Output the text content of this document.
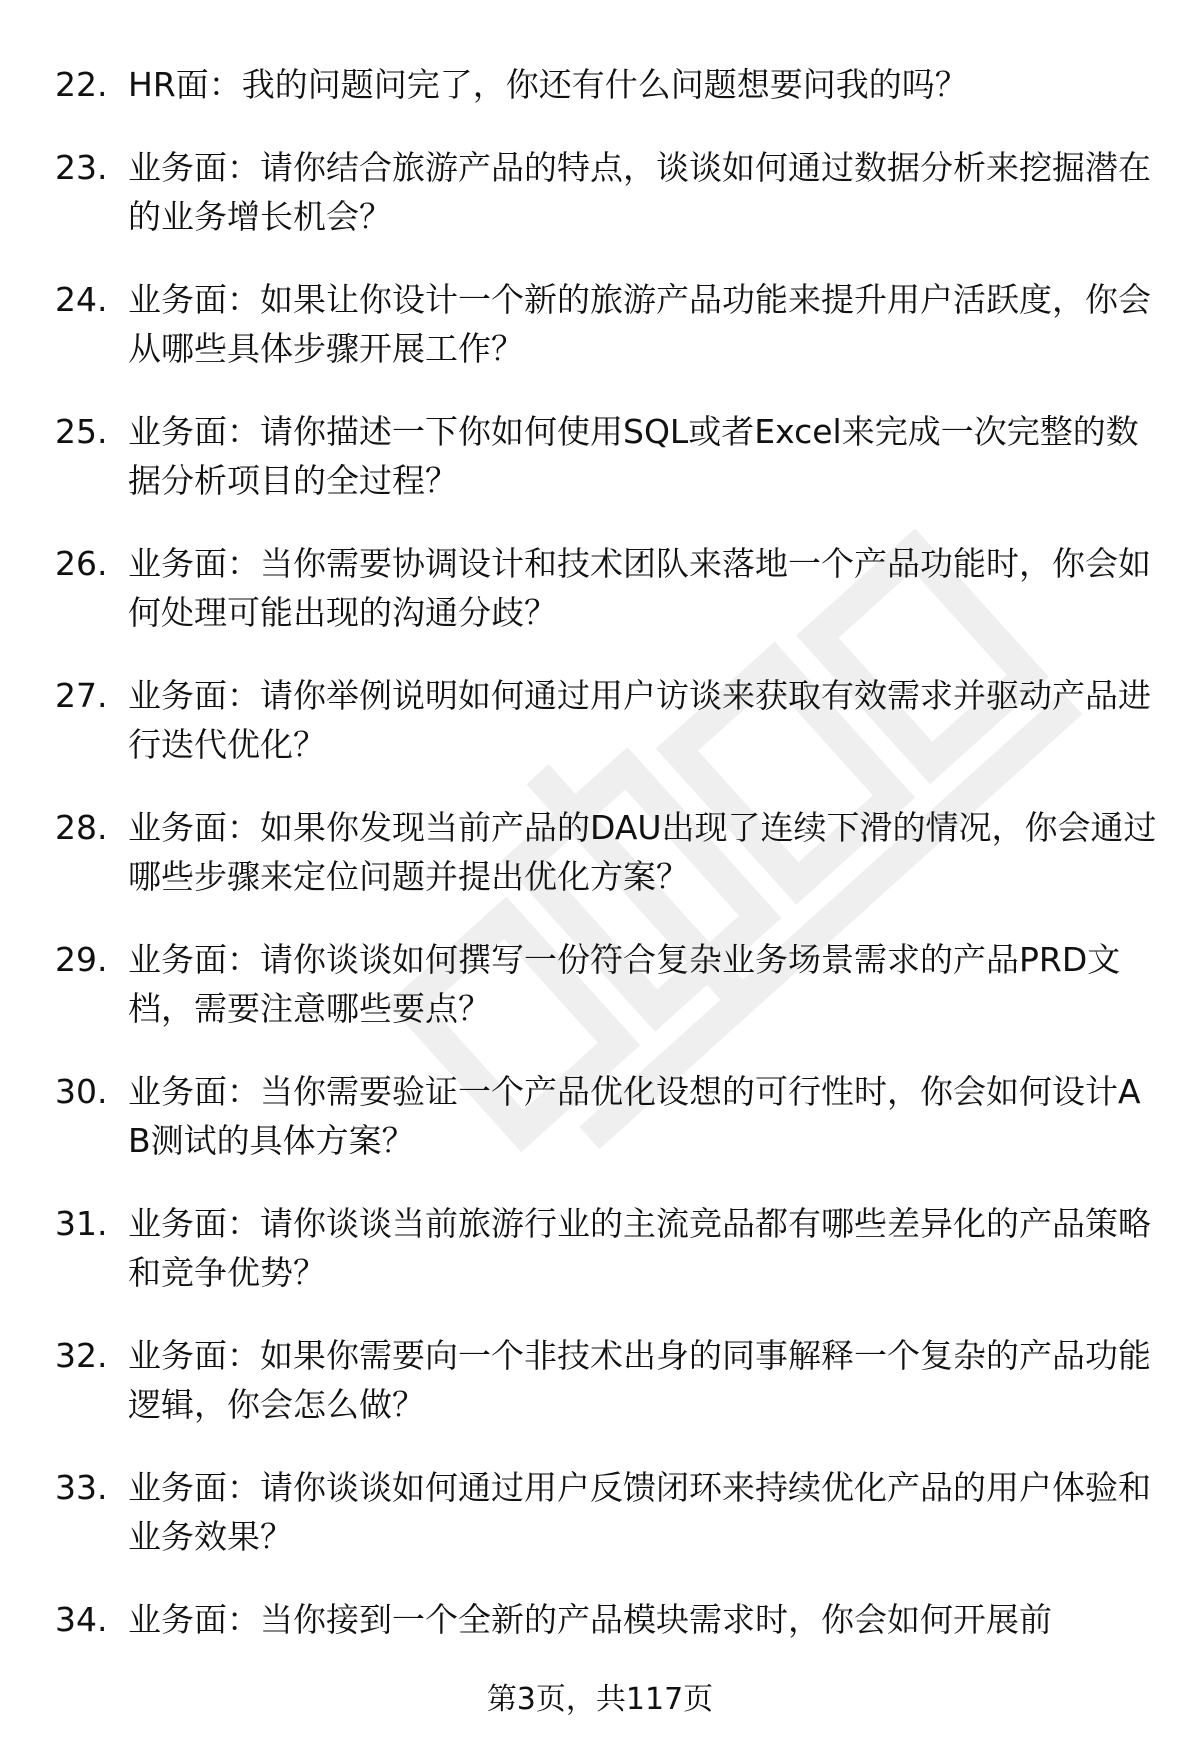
22. HR面：我的问题问完了，你还有什么问题想要问我的吗？
23. 业务面：请你结合旅游产品的特点，谈谈如何通过数据分析来挖掘潜在的业务增长机会？
24. 业务面：如果让你设计一个新的旅游产品功能来提升用户活跃度，你会从哪些具体步骤开展工作？
25. 业务面：请你描述一下你如何使用SQL或者Excel来完成一次完整的数据分析项目的全过程？
26. 业务面：当你需要协调设计和技术团队来落地一个产品功能时，你会如何处理可能出现的沟通分歧？
27. 业务面：请你举例说明如何通过用户访谈来获取有效需求并驱动产品进行迭代优化？
28. 业务面：如果你发现当前产品的DAU出现了连续下滑的情况，你会通过哪些步骤来定位问题并提出优化方案？
29. 业务面：请你谈谈如何撰写一份符合复杂业务场景需求的产品PRD文档，需要注意哪些要点？
30. 业务面：当你需要验证一个产品优化设想的可行性时，你会如何设计AB测试的具体方案？
31. 业务面：请你谈谈当前旅游行业的主流竞品都有哪些差异化的产品策略和竞争优势？
32. 业务面：如果你需要向一个非技术出身的同事解释一个复杂的产品功能逻辑，你会怎么做？
33. 业务面：请你谈谈如何通过用户反馈闭环来持续优化产品的用户体验和业务效果？
34. 业务面：当你接到一个全新的产品模块需求时，你会如何开展前
第3页，共117页
